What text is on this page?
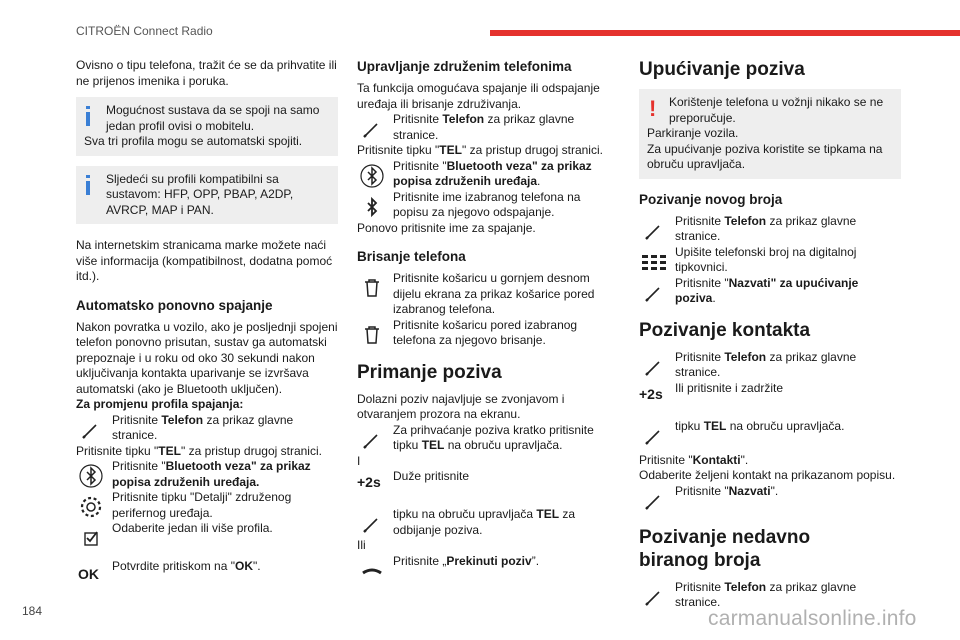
CITROËN Connect Radio

Ovisno o tipu telefona, tražit će se da prihvatite ili ne prijenos imenika i poruka.

Mogućnost sustava da se spoji na samo jedan profil ovisi o mobitelu.

Sva tri profila mogu se automatski spojiti.

Sljedeći su profili kompatibilni sa sustavom: HFP, OPP, PBAP, A2DP, AVRCP, MAP i PAN.

Na internetskim stranicama marke možete naći više informacija (kompatibilnost, dodatna pomoć itd.).

Automatsko ponovno spajanje

Nakon povratka u vozilo, ako je posljednji spojeni telefon ponovno prisutan, sustav ga automatski prepoznaje i u roku od oko 30 sekundi nakon uključivanja kontakta uparivanje se izvršava automatski (ako je Bluetooth uključen).

Za promjenu profila spajanja:

Pritisnite Telefon za prikaz glavne stranice.

Pritisnite tipku "TEL" za pristup drugoj stranici.

Pritisnite "Bluetooth veza" za prikaz popisa združenih uređaja.
Pritisnite tipku "Detalji" združenog perifernog uređaja.
Odaberite jedan ili više profila.
OK	Potvrdite pritiskom na "OK".
Upravljanje združenim telefonima

Ta funkcija omogućava spajanje ili odspajanje uređaja ili brisanje združivanja.

Pritisnite Telefon za prikaz glavne stranice.

Pritisnite tipku "TEL" za pristup drugoj stranici.

Pritisnite "Bluetooth veza" za prikaz popisa združenih uređaja.
Pritisnite ime izabranog telefona na popisu za njegovo odspajanje.

Ponovo pritisnite ime za spajanje.

Brisanje telefona
Pritisnite košaricu u gornjem desnom dijelu ekrana za prikaz košarice pored izabranog telefona.
Pritisnite košaricu pored izabranog telefona za njegovo brisanje.
Primanje poziva

Dolazni poziv najavljuje se zvonjavom i otvaranjem prozora na ekranu.

Za prihvaćanje poziva kratko pritisnite tipku TEL na obruču upravljača.

I

+2s Duže pritisnite
tipku na obruču upravljača TEL za odbijanje poziva.

Ili

Pritisnite „Prekinuti poziv”.
Upućivanje poziva
!	Korištenje telefona u vožnji nikako se ne preporučuje.

Parkiranje vozila.

Za upućivanje poziva koristite se tipkama na obruču upravljača.

Pozivanje novog broja
Pritisnite Telefon za prikaz glavne stranice.
Upišite telefonski broj na digitalnoj tipkovnici.
Pritisnite "Nazvati" za upućivanje poziva.
Pozivanje kontakta
Pritisnite Telefon za prikaz glavne stranice.
+2s Ili pritisnite i zadržite
tipku TEL na obruču upravljača.

Pritisnite "Kontakti".

Odaberite željeni kontakt na prikazanom popisu.

Pritisnite "Nazvati".
Pozivanje nedavno biranog broja
Pritisnite Telefon za prikaz glavne stranice.
184	carmanualsonline.info
